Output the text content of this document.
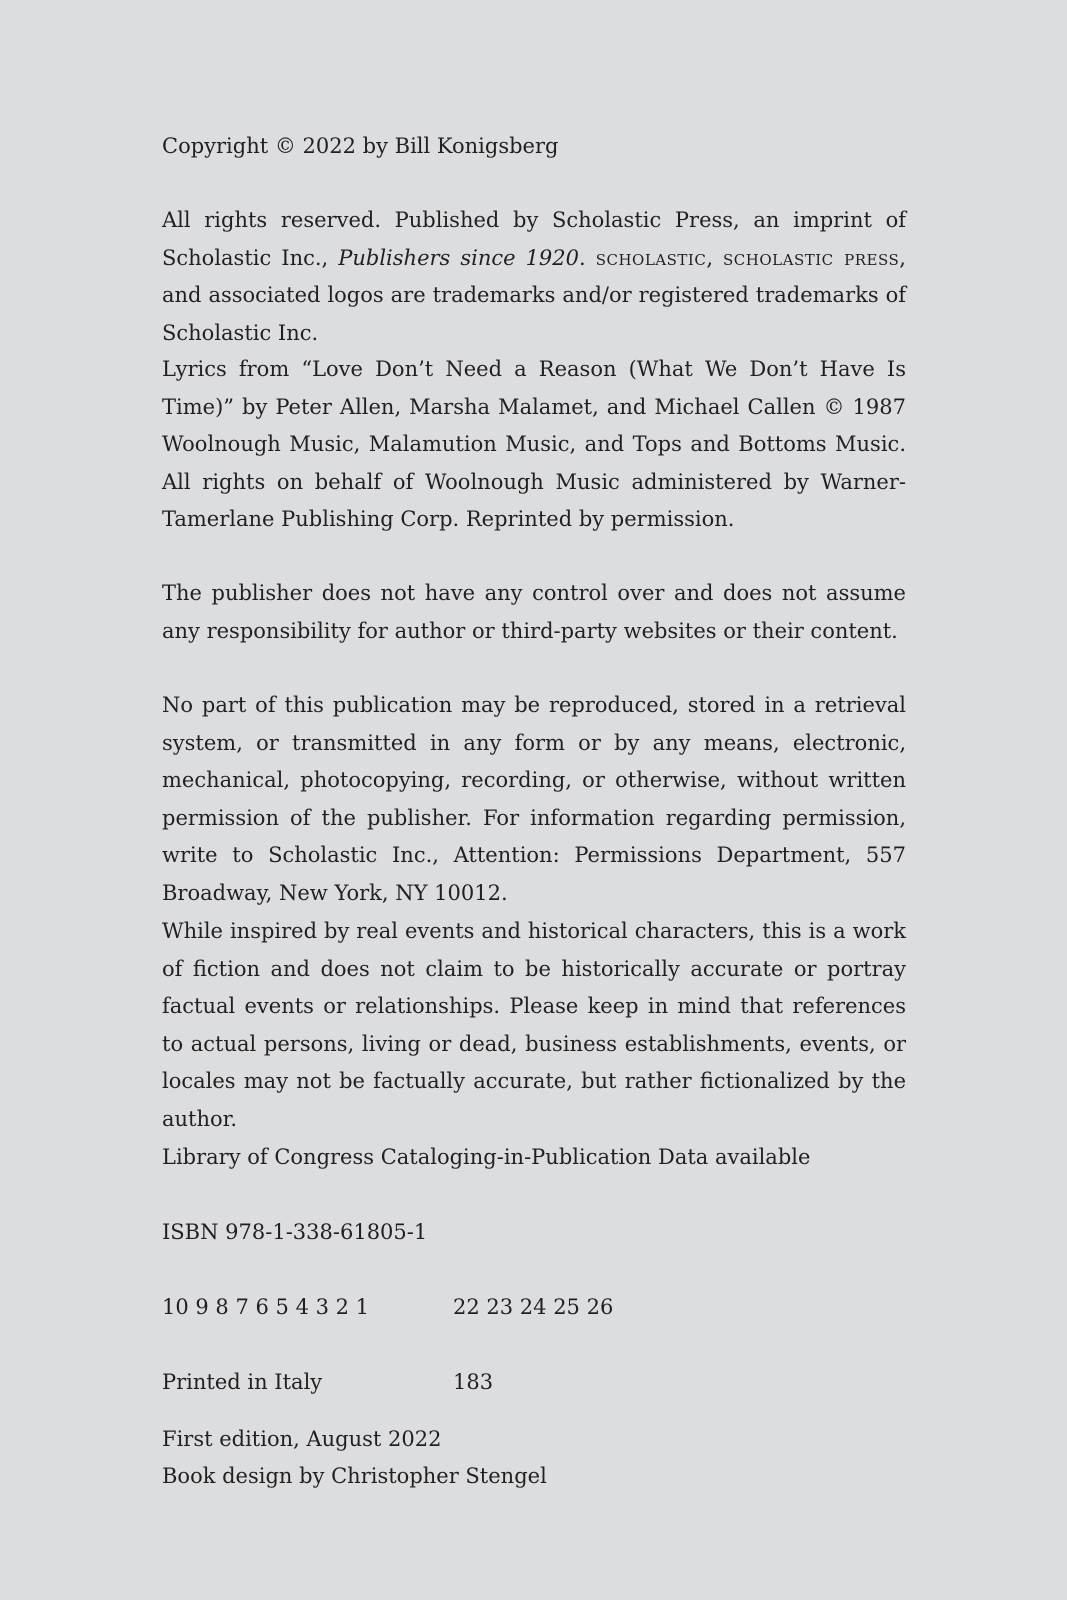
Copyright © 2022 by Bill Konigsberg

All rights reserved. Published by Scholastic Press, an imprint of Scholastic Inc., Publishers since 1920. scholastic, scholastic press, and associated logos are trademarks and/or registered trademarks of Scholastic Inc.

Lyrics from “Love Don’t Need a Reason (What We Don’t Have Is Time)” by Peter Allen, Marsha Malamet, and Michael Callen © 1987 Woolnough Music, Malamution Music, and Tops and Bottoms Music. All rights on behalf of Woolnough Music administered by Warner-Tamerlane Publishing Corp. Reprinted by permission.

The publisher does not have any control over and does not assume any responsibility for author or third-party websites or their content.

No part of this publication may be reproduced, stored in a retrieval system, or transmitted in any form or by any means, electronic, mechanical, photocopying, recording, or otherwise, without written permission of the publisher. For information regarding permission, write to Scholastic Inc., Attention: Permissions Department, 557 Broadway, New York, NY 10012.

While inspired by real events and historical characters, this is a work of fiction and does not claim to be historically accurate or portray factual events or relationships. Please keep in mind that references to actual persons, living or dead, business establishments, events, or locales may not be factually accurate, but rather fictionalized by the author.

Library of Congress Cataloging-in-Publication Data available

ISBN 978-1-338-61805-1

10 9 8 7 6 5 4 3 2 1	22 23 24 25 26
Printed in Italy	183

First edition, August 2022

Book design by Christopher Stengel
